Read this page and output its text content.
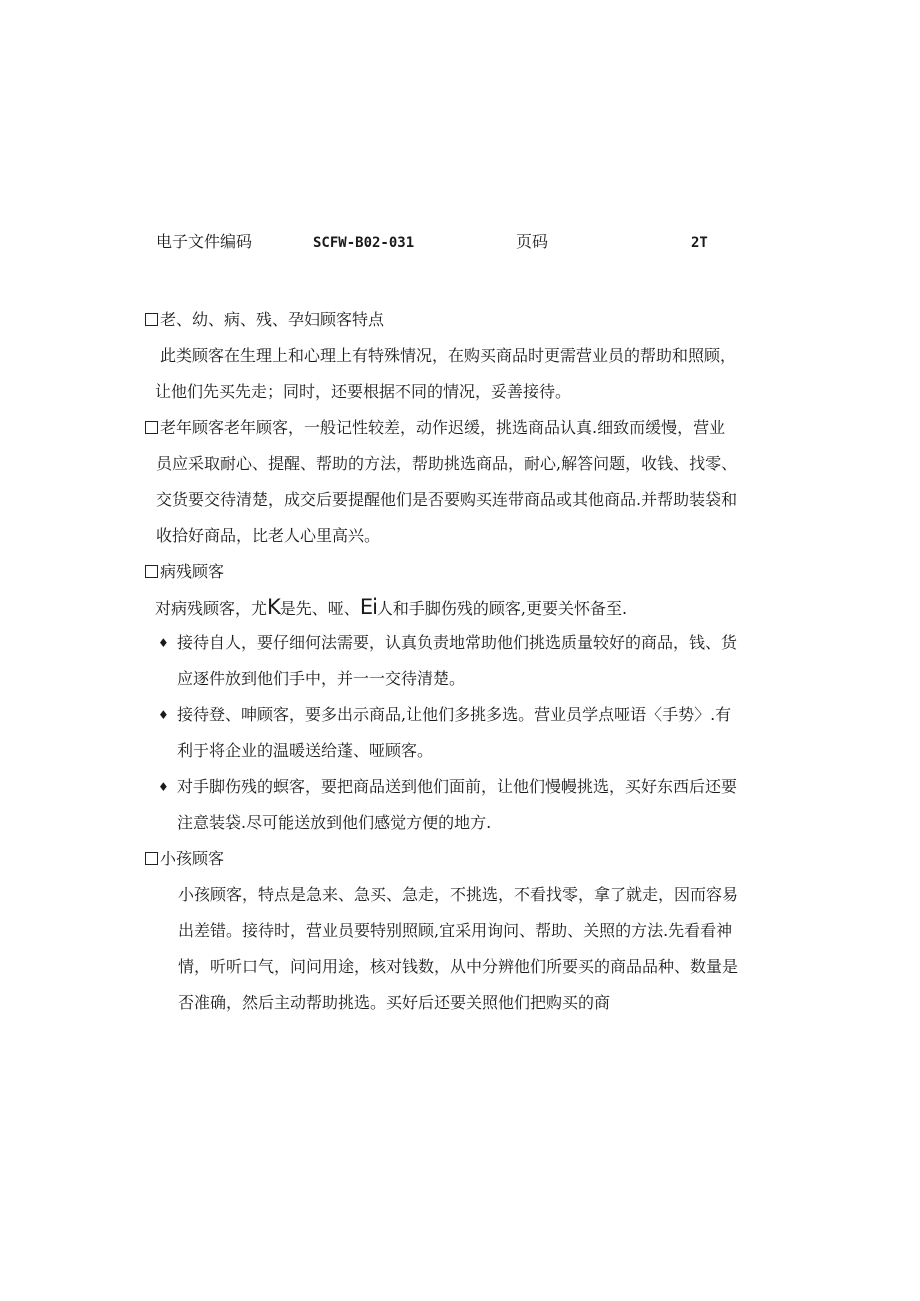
电子文件编码	SCFW-B02-031	页码	2T
老、幼、病、残、孕妇顾客特点
此类顾客在生理上和心理上有特殊情况，在购买商品时更需营业员的帮助和照顾，
让他们先买先走；同时，还要根据不同的情况，妥善接待。
老年顾客老年顾客，一般记性较差，动作迟缓，挑选商品认真.细致而缓慢，营业
员应采取耐心、提醒、帮助的方法，帮助挑选商品，耐心,解答问题，收钱、找零、
交货要交待清楚，成交后要提醒他们是否要购买连带商品或其他商品.并帮助装袋和
收拾好商品，比老人心里高兴。
病残顾客
对病残顾客，尤K是先、哑、Ei人和手脚伤残的顾客,更要关怀备至.
♦ 接待自人，要仔细何法需要，认真负责地常助他们挑选质量较好的商品，钱、货
应逐件放到他们手中，并一一交待清楚。
♦ 接待登、呻顾客，要多出示商品,让他们多挑多选。营业员学点哑语〈手势〉.有
利于将企业的温暖送给蓬、哑顾客。
♦ 对手脚伤残的螟客，要把商品送到他们面前，让他们慢幔挑选，买好东西后还要
注意装袋.尽可能送放到他们感觉方便的地方.
小孩顾客
小孩顾客，特点是急来、急买、急走，不挑选，不看找零，拿了就走，因而容易
出差错。接待时，营业员要特别照顾,宜采用询问、帮助、关照的方法.先看看神
情，听听口气，问问用途，核对钱数，从中分辨他们所要买的商品品种、数量是
否准确，然后主动帮助挑选。买好后还要关照他们把购买的商
